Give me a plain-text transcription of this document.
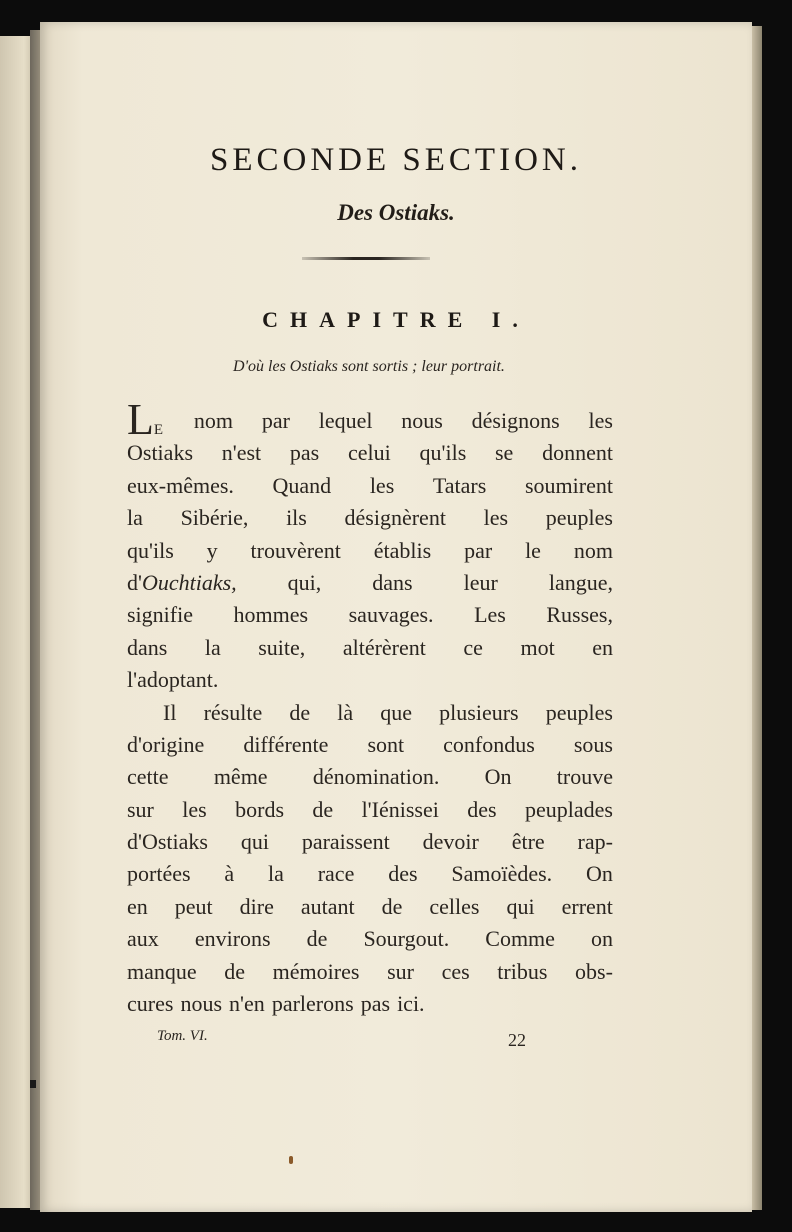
SECONDE SECTION.
Des Ostiaks.
CHAPITRE I.

D'où les Ostiaks sont sortis ; leur portrait.

LE nom par lequel nous désignons les
Ostiaks n'est pas celui qu'ils se donnent
eux-mêmes. Quand les Tatars soumirent
la Sibérie, ils désignèrent les peuples
qu'ils y trouvèrent établis par le nom
d'Ouchtiaks, qui, dans leur langue,
signifie hommes sauvages. Les Russes,
dans la suite, altérèrent ce mot en
l'adoptant.
Il résulte de là que plusieurs peuples
d'origine différente sont confondus sous
cette même dénomination. On trouve
sur les bords de l'Iénissei des peuplades
d'Ostiaks qui paraissent devoir être rap-
portées à la race des Samoïèdes. On
en peut dire autant de celles qui errent
aux environs de Sourgout. Comme on
manque de mémoires sur ces tribus obs-
cures nous n'en parlerons pas ici.
Tom. VI.	22
